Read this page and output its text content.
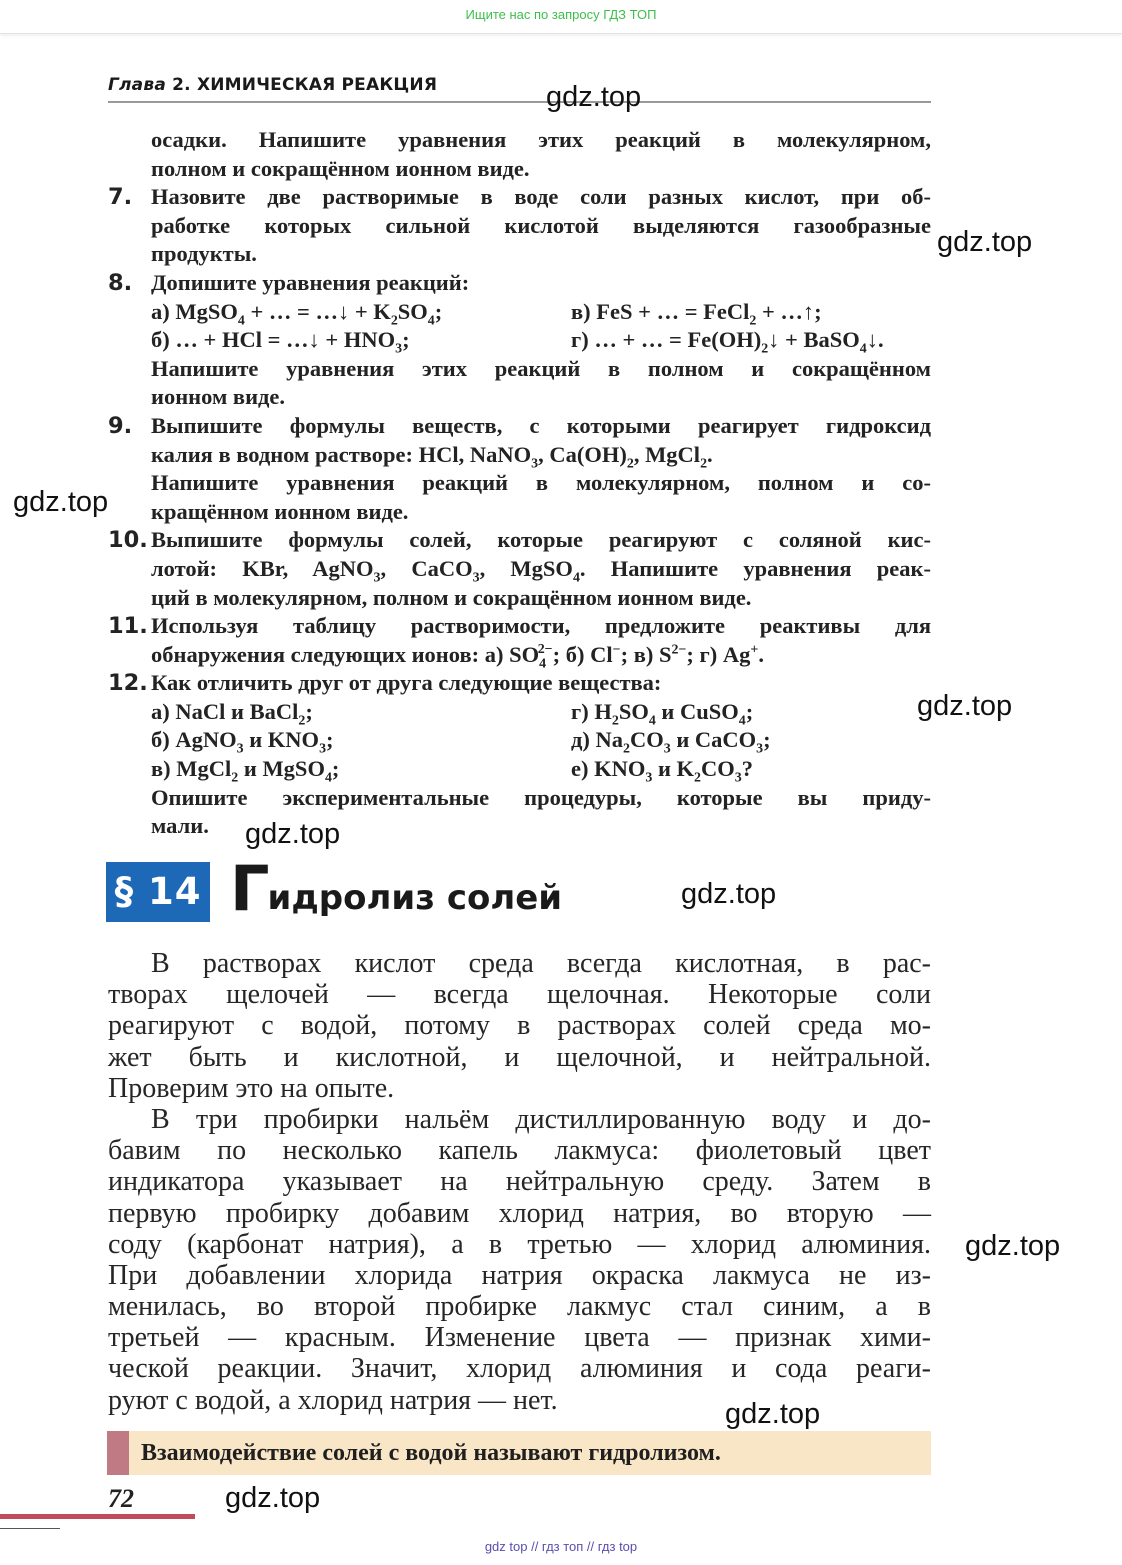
Ищите нас по запросу ГДЗ ТОП
Глава 2. ХИМИЧЕСКАЯ РЕАКЦИЯ
осадки. Напишите уравнения этих реакций в молекулярном,
полном и сокращённом ионном виде.
7. Назовите две растворимые в воде соли разных кислот, при об-
работке которых сильной кислотой выделяются газообразные
продукты.
8. Допишите уравнения реакций:
а) MgSO$_4$ + … = …↓ + $K_2SO_4$;	в) FeS + … = FeCl$_2$ + …↑;
б) … + HCl = …↓ + $HNO_3$;	г) … + … = $Fe(OH)_2↓$ + BaSO$_4$↓.
Напишите уравнения этих реакций в полном и сокращённом
ионном виде.
9. Выпишите формулы веществ, с которыми реагирует гидроксид
калия в водном растворе: HCl, NaNO$_3$, $Ca(OH)_2$, MgCl$_2$.
Напишите уравнения реакций в молекулярном, полном и со-
кращённом ионном виде.
10. Выпишите формулы солей, которые реагируют с соляной кис-
лотой: KBr, AgNO$_3$, CaCO$_3$, MgSO$_4$. Напишите уравнения реак-
ций в молекулярном, полном и сокращённом ионном виде.
11. Используя таблицу растворимости, предложите реактивы для
обнаружения следующих ионов: а) $SO_4^{2-}$; б) Cl−; в) $S^{2-}$; г) Ag+.
12. Как отличить друг от друга следующие вещества:
а) NaCl и BaCl$_2$;	г) $H_2SO_4$ и CuSO$_4$;
б) AgNO$_3$ и $KNO_3$;	д) $Na_2CO_3$ и CaCO$_3$;
в) MgCl$_2$ и MgSO$_4$;	е) $KNO_3$ и $K_2CO_3$?
Опишите экспериментальные процедуры, которые вы приду-
мали.
§ 14 Гидролиз солей
В растворах кислот среда всегда кислотная, в рас-
творах щелочей — всегда щелочная. Некоторые соли
реагируют с водой, потому в растворах солей среда мо-
жет быть и кислотной, и щелочной, и нейтральной.
Проверим это на опыте.
В три пробирки нальём дистиллированную воду и до-
бавим по несколько капель лакмуса: фиолетовый цвет
индикатора указывает на нейтральную среду. Затем в
первую пробирку добавим хлорид натрия, во вторую —
соду (карбонат натрия), а в третью — хлорид алюминия.
При добавлении хлорида натрия окраска лакмуса не из-
менилась, во второй пробирке лакмус стал синим, а в
третьей — красным. Изменение цвета — признак хими-
ческой реакции. Значит, хлорид алюминия и сода реаги-
руют с водой, а хлорид натрия — нет.
Взаимодействие солей с водой называют гидролизом.
72
gdz.top
gdz.top
gdz.top
gdz.top
gdz.top
gdz.top
gdz.top
gdz.top
gdz.top
gdz top // гдз топ // гдз top
